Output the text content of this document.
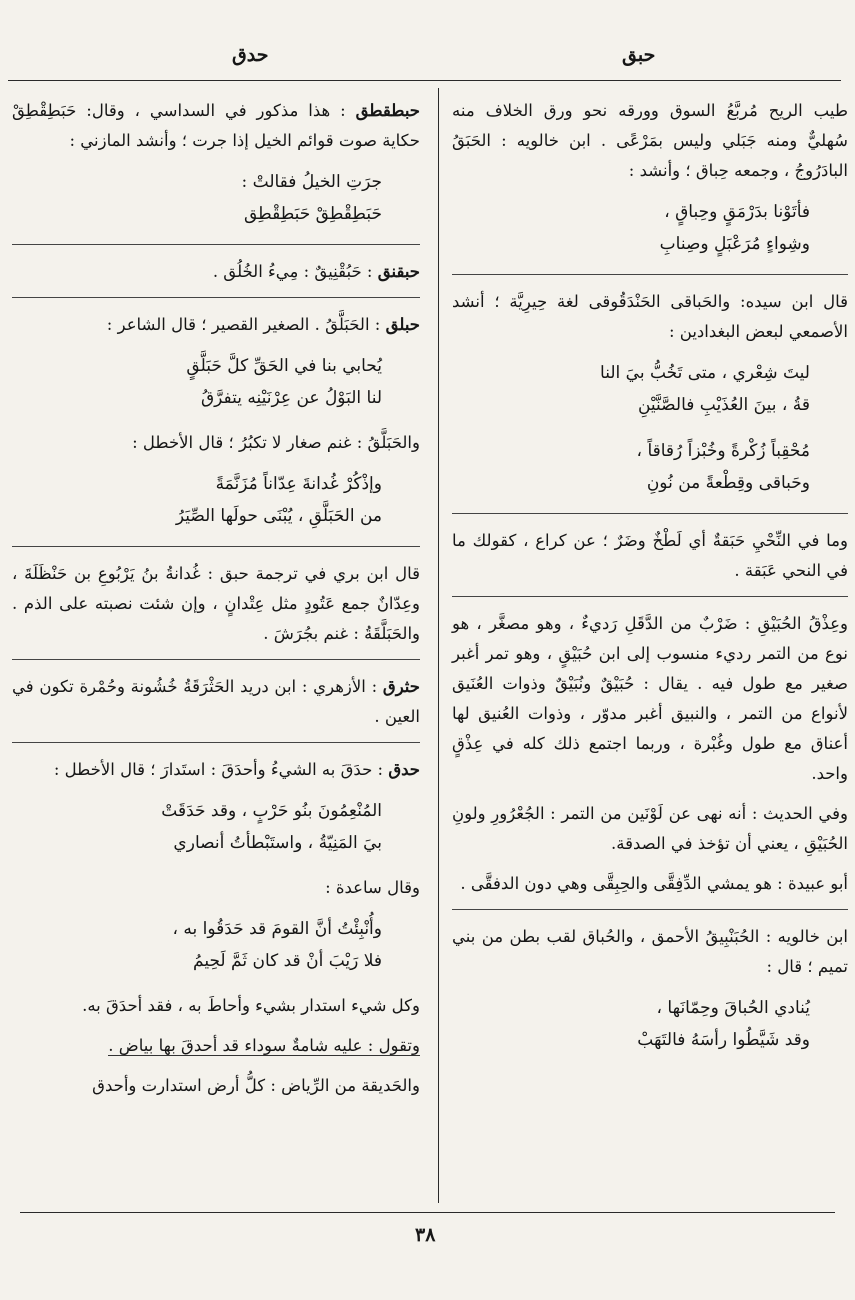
حدق	حبق
طيب الريح مُربَّعُ السوق وورقه نحو ورق الخلاف منه سُهليٌّ ومنه جَبَلي وليس بمَرْعًى . ابن خالويه : الحَبَقُ البادَرُوجُ ، وجمعه حِباق ؛ وأنشد :
فأتَوْنا بدَرْمَقٍ وحِباقٍ ،
وشِواءٍ مُرَعْبَلٍ وصِنابِ
قال ابن سيده: والحَباقى الحَنْدَقُوقى لغة حِيرِيَّة ؛ أنشد الأصمعي لبعض البغدادين :
ليتَ شِعْري ، متى تَخُبُّ بيَ النا
قةُ ، بينَ العُذَيْبِ فالصَّنَّيْنِ
مُحْقِباً زُكْرةً وخُبْزاً رُقاقاً ،
وحَباقى وقِطْعةً من نُونِ
وما في النِّحْيِ حَبَقةٌ أي لَطْخٌ وضَرٌ ؛ عن كراع ، كقولك ما في النحي عَبَقة .
وعِذْقُ الحُبَيْقِ : ضَرْبٌ من الدَّقَلِ رَديءٌ ، وهو مصغَّر ، هو نوع من التمر رديء منسوب إلى ابن حُبَيْقٍ ، وهو تمر أغبر صغير مع طول فيه . يقال : حُبَيْقٌ ونُبَيْقٌ وذوات العُنَيق لأنواع من التمر ، والنبيق أغبر مدوّر ، وذوات العُنيق لها أعناق مع طول وغُبْرة ، وربما اجتمع ذلك كله في عِذْقٍ واحد.
وفي الحديث : أنه نهى عن لَوْنَين من التمر : الجُعْرُورِ ولونِ الحُبَيْقِ ، يعني أن تؤخذ في الصدقة.
أبو عبيدة : هو يمشي الدِّفِقَّى والحِبِقَّى وهي دون الدفقَّى .
ابن خالويه : الحُبَنْبِيقُ الأحمق ، والحُباق لقب بطن من بني تميم ؛ قال :
يُنادي الحُباقَ وحِمّانَها ،
وقد شَيَّطُوا رأسَهُ فالتَهَبْ
حبطقطق : هذا مذكور في السداسي ، وقال: حَبَطِقْطِقْ حكاية صوت قوائم الخيل إذا جرت ؛ وأنشد المازني :
جرَتِ الخيلُ فقالتْ :
حَبَطِقْطِقْ حَبَطِقْطِق
حبقنق : حَبُقْنِيقٌ : مِيءُ الخُلُق .
حبلق : الحَبَلَّقُ . الصغير القصير ؛ قال الشاعر :
يُحابي بنا في الحَقِّ كلَّ حَبَلَّقٍ
لنا البَوْلُ عن عِرْنَيْنِه يتفرَّقُ
والحَبَلَّقُ : غنم صغار لا تكبُرُ ؛ قال الأخطل :
وإذْكُرْ غُدانةَ عِدّاناً مُزَنَّمَةً
من الحَبَلَّقِ ، يُبْنَى حولَها الصِّيَرُ
قال ابن بري في ترجمة حبق : غُدانةُ بنُ يَرْبُوعِ بن حَنْظَلَةَ ، وعِدّانٌ جمع عَتُودٍ مثل عِتْدانٍ ، وإن شئت نصبته على الذم . والحَبَلَّقَةُ : غنم بجُرَشَ .
حثرق : الأزهري : ابن دريد الحَثْرَقَةُ خُشُونة وحُمْرة تكون في العين .
حدق : حدَقَ به الشيءُ وأحدَقَ : استَدارَ ؛ قال الأخطل :
المُنْعِمُونَ بنُو حَرْبٍ ، وقد حَدَقَتْ
بيَ المَنِيّةُ ، واستَبْطأتُ أنصاري
وقال ساعدة :
وأُنْبِئْتُ أنَّ القومَ قد حَدَقُوا به ،
فلا رَيْبَ أنْ قد كان ثَمَّ لَحِيمُ
وكل شيء استدار بشيء وأحاطَ به ، فقد أحدَقَ به.
وتقول : عليه شامةٌ سوداء قد أحدقَ بها بياض .
والحَديقة من الرِّياض : كلُّ أرض استدارت وأحدق
٣٨
